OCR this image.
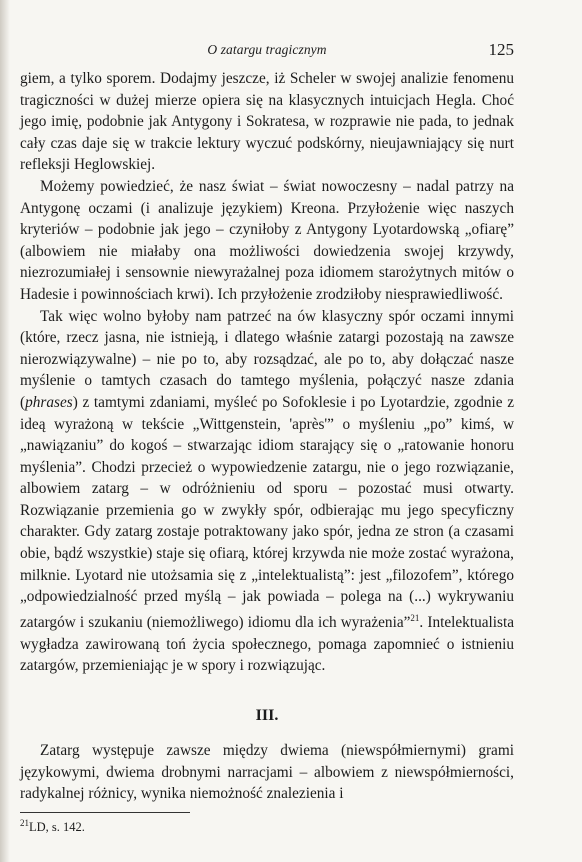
O zatargu tragicznym	125

giem, a tylko sporem. Dodajmy jeszcze, iż Scheler w swojej analizie fenomenu tragiczności w dużej mierze opiera się na klasycznych intuicjach Hegla. Choć jego imię, podobnie jak Antygony i Sokratesa, w rozprawie nie pada, to jednak cały czas daje się w trakcie lektury wyczuć podskórny, nieujawniający się nurt refleksji Heglowskiej.

Możemy powiedzieć, że nasz świat – świat nowoczesny – nadal patrzy na Antygonę oczami (i analizuje językiem) Kreona. Przyłożenie więc naszych kryteriów – podobnie jak jego – czyniłoby z Antygony Lyotardowską „ofiarę” (albowiem nie miałaby ona możliwości dowiedzenia swojej krzywdy, niezrozumiałej i sensownie niewyrażalnej poza idiomem starożytnych mitów o Hadesie i powinnościach krwi). Ich przyłożenie zrodziłoby niesprawiedliwość.

Tak więc wolno byłoby nam patrzeć na ów klasyczny spór oczami innymi (które, rzecz jasna, nie istnieją, i dlatego właśnie zatargi pozostają na zawsze nierozwiązywalne) – nie po to, aby rozsądzać, ale po to, aby dołączać nasze myślenie o tamtych czasach do tamtego myślenia, połączyć nasze zdania (phrases) z tamtymi zdaniami, myśleć po Sofoklesie i po Lyotardzie, zgodnie z ideą wyrażoną w tekście „Wittgenstein, 'après'” o myśleniu „po” kimś, w „nawiązaniu” do kogoś – stwarzając idiom starający się o „ratowanie honoru myślenia”. Chodzi przecież o wypowiedzenie zatargu, nie o jego rozwiązanie, albowiem zatarg – w odróżnieniu od sporu – pozostać musi otwarty. Rozwiązanie przemienia go w zwykły spór, odbierając mu jego specyficzny charakter. Gdy zatarg zostaje potraktowany jako spór, jedna ze stron (a czasami obie, bądź wszystkie) staje się ofiarą, której krzywda nie może zostać wyrażona, milknie. Lyotard nie utożsamia się z „intelektualistą”: jest „filozofem”, którego „odpowiedzialność przed myślą – jak powiada – polega na (...) wykrywaniu zatargów i szukaniu (niemożliwego) idiomu dla ich wyrażenia”$^{21}$. Intelektualista wygładza zawirowaną toń życia społecznego, pomaga zapomnieć o istnieniu zatargów, przemieniając je w spory i rozwiązując.

III.

Zatarg występuje zawsze między dwiema (niewspółmiernymi) grami językowymi, dwiema drobnymi narracjami – albowiem z niewspółmierności, radykalnej różnicy, wynika niemożność znalezienia i

$^{21}$LD, s. 142.
